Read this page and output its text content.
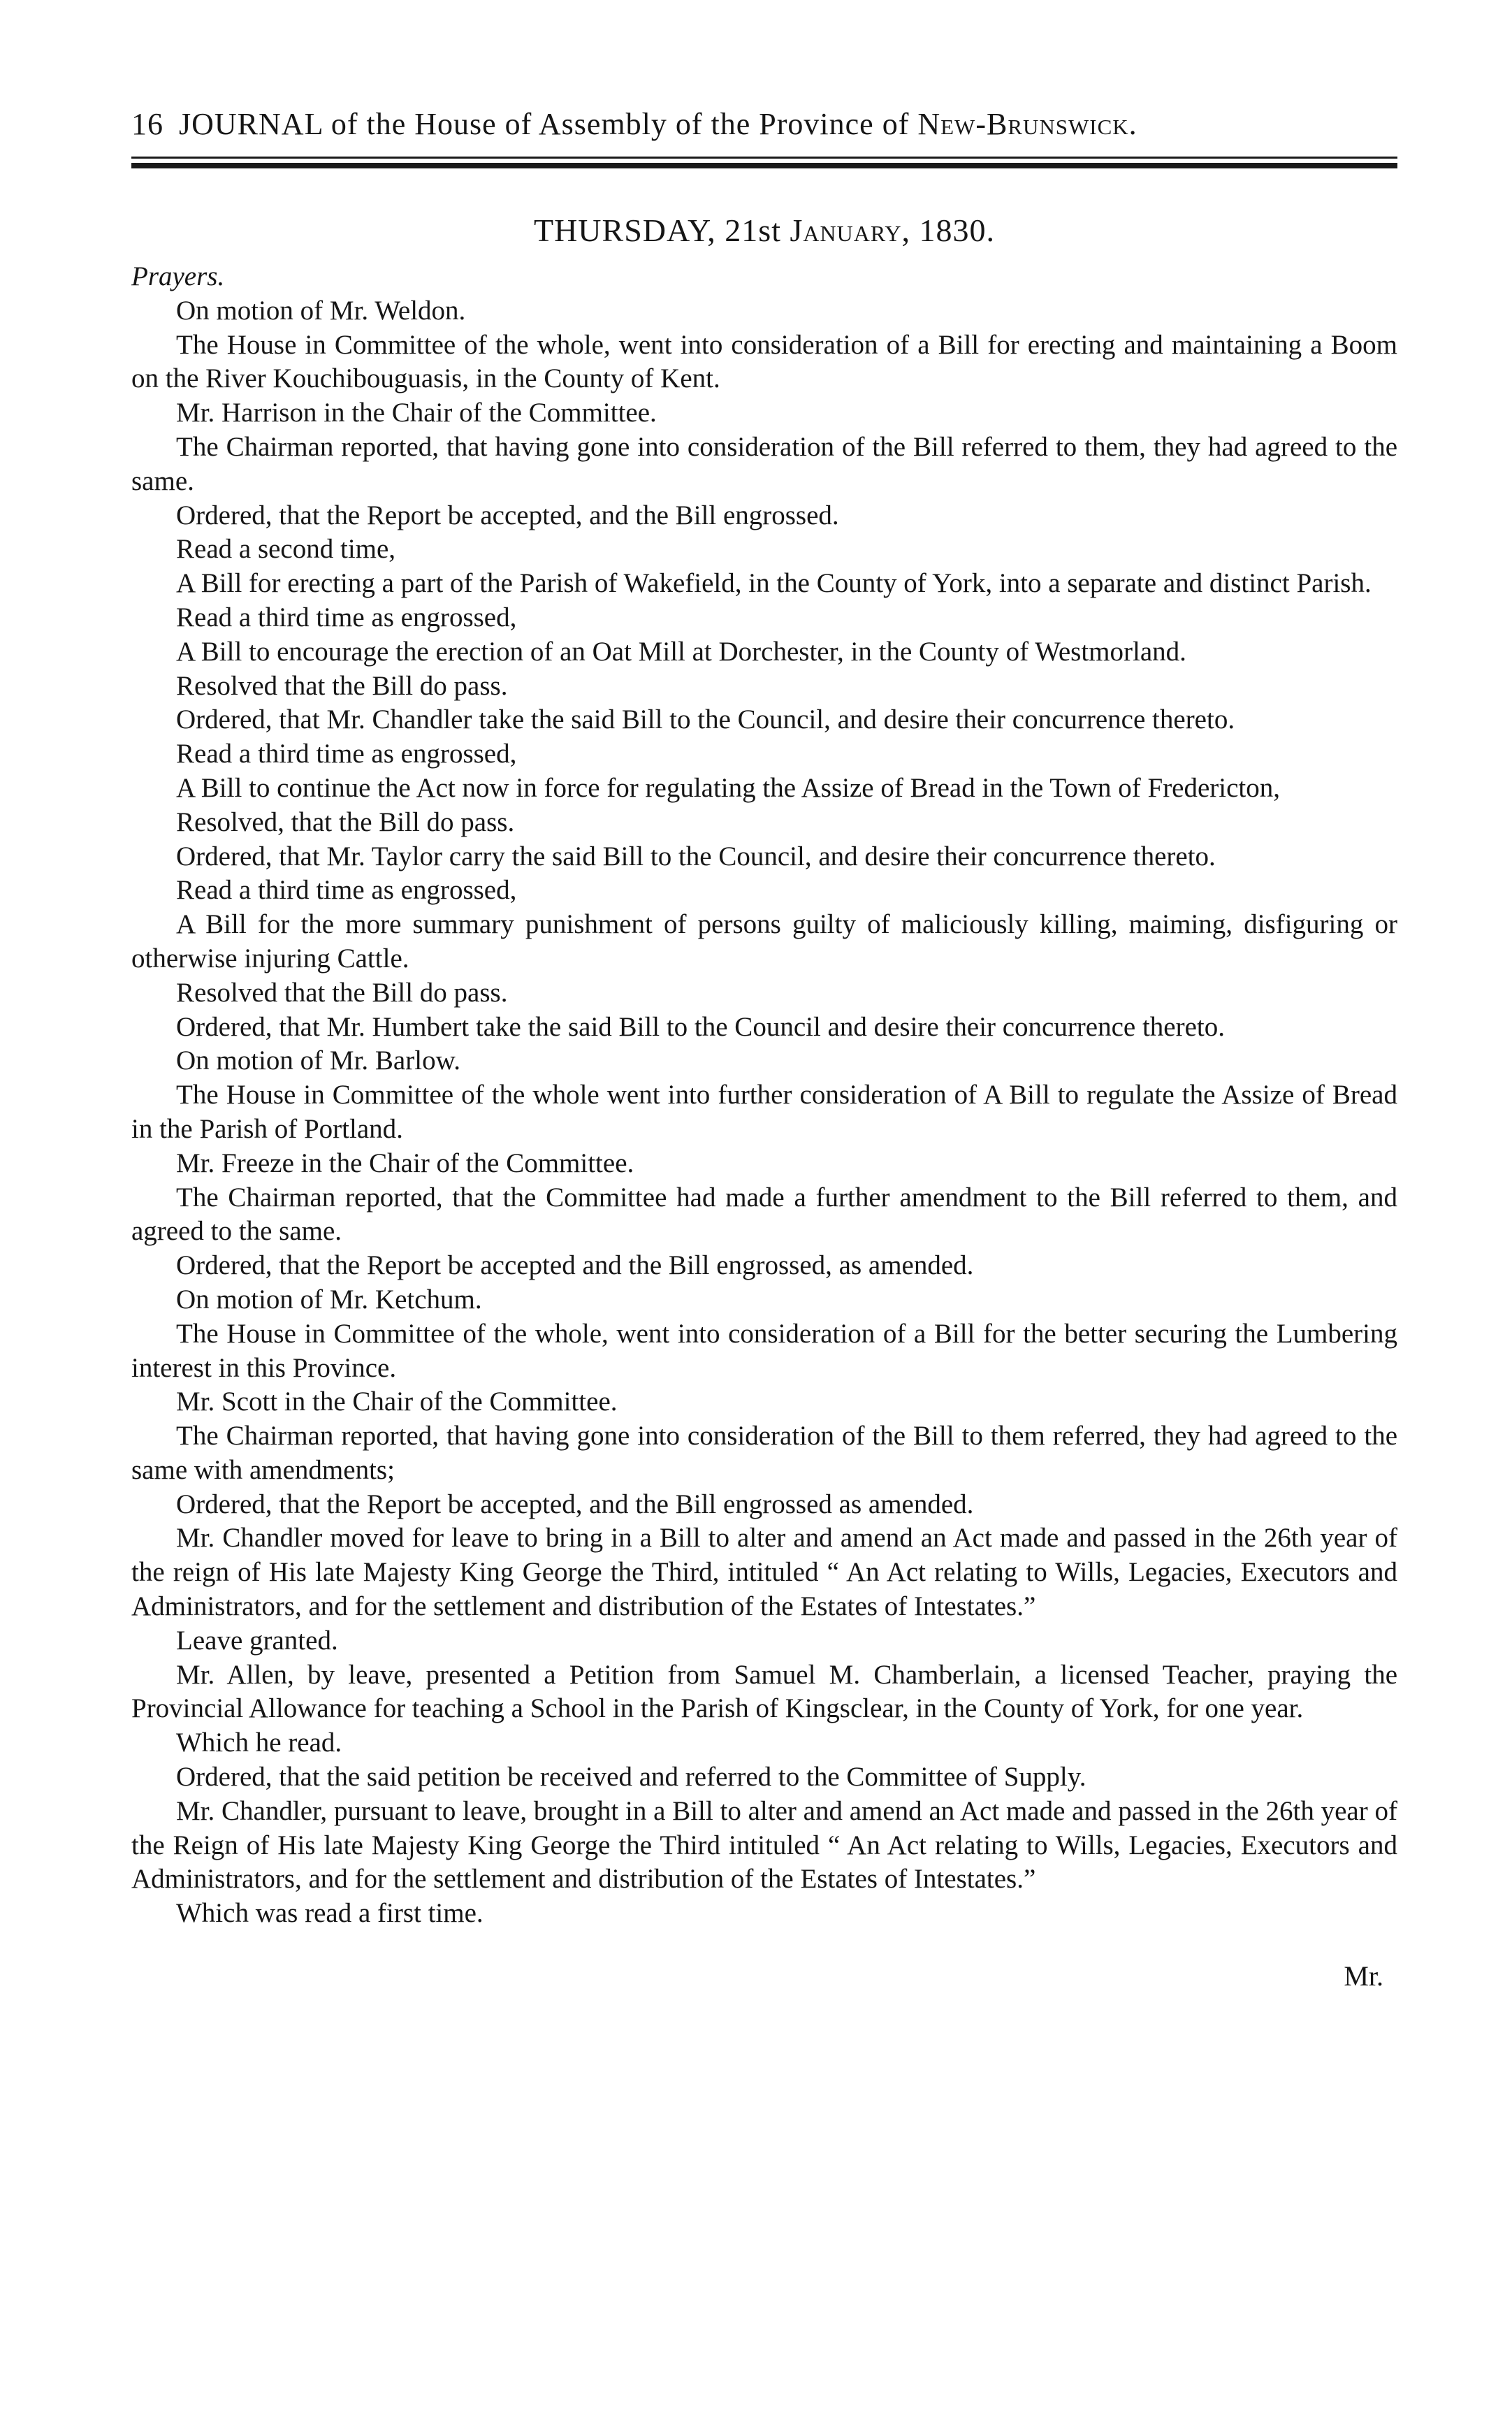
16 JOURNAL of the House of Assembly of the Province of New-Brunswick.
THURSDAY, 21st January, 1830.

Prayers.

On motion of Mr. Weldon.

The House in Committee of the whole, went into consideration of a Bill for erecting and maintaining a Boom on the River Kouchibouguasis, in the County of Kent.

Mr. Harrison in the Chair of the Committee.

The Chairman reported, that having gone into consideration of the Bill referred to them, they had agreed to the same.

Ordered, that the Report be accepted, and the Bill engrossed.

Read a second time,

A Bill for erecting a part of the Parish of Wakefield, in the County of York, into a separate and distinct Parish.

Read a third time as engrossed,

A Bill to encourage the erection of an Oat Mill at Dorchester, in the County of Westmorland.

Resolved that the Bill do pass.

Ordered, that Mr. Chandler take the said Bill to the Council, and desire their concurrence thereto.

Read a third time as engrossed,

A Bill to continue the Act now in force for regulating the Assize of Bread in the Town of Fredericton,

Resolved, that the Bill do pass.

Ordered, that Mr. Taylor carry the said Bill to the Council, and desire their concurrence thereto.

Read a third time as engrossed,

A Bill for the more summary punishment of persons guilty of maliciously killing, maiming, disfiguring or otherwise injuring Cattle.

Resolved that the Bill do pass.

Ordered, that Mr. Humbert take the said Bill to the Council and desire their concurrence thereto.

On motion of Mr. Barlow.

The House in Committee of the whole went into further consideration of A Bill to regulate the Assize of Bread in the Parish of Portland.

Mr. Freeze in the Chair of the Committee.

The Chairman reported, that the Committee had made a further amendment to the Bill referred to them, and agreed to the same.

Ordered, that the Report be accepted and the Bill engrossed, as amended.

On motion of Mr. Ketchum.

The House in Committee of the whole, went into consideration of a Bill for the better securing the Lumbering interest in this Province.

Mr. Scott in the Chair of the Committee.

The Chairman reported, that having gone into consideration of the Bill to them referred, they had agreed to the same with amendments;

Ordered, that the Report be accepted, and the Bill engrossed as amended.

Mr. Chandler moved for leave to bring in a Bill to alter and amend an Act made and passed in the 26th year of the reign of His late Majesty King George the Third, intituled “ An Act relating to Wills, Legacies, Executors and Administrators, and for the settlement and distribution of the Estates of Intestates.”

Leave granted.

Mr. Allen, by leave, presented a Petition from Samuel M. Chamberlain, a licensed Teacher, praying the Provincial Allowance for teaching a School in the Parish of Kingsclear, in the County of York, for one year.

Which he read.

Ordered, that the said petition be received and referred to the Committee of Supply.

Mr. Chandler, pursuant to leave, brought in a Bill to alter and amend an Act made and passed in the 26th year of the Reign of His late Majesty King George the Third intituled “ An Act relating to Wills, Legacies, Executors and Administrators, and for the settlement and distribution of the Estates of Intestates.”

Which was read a first time.

Mr.
